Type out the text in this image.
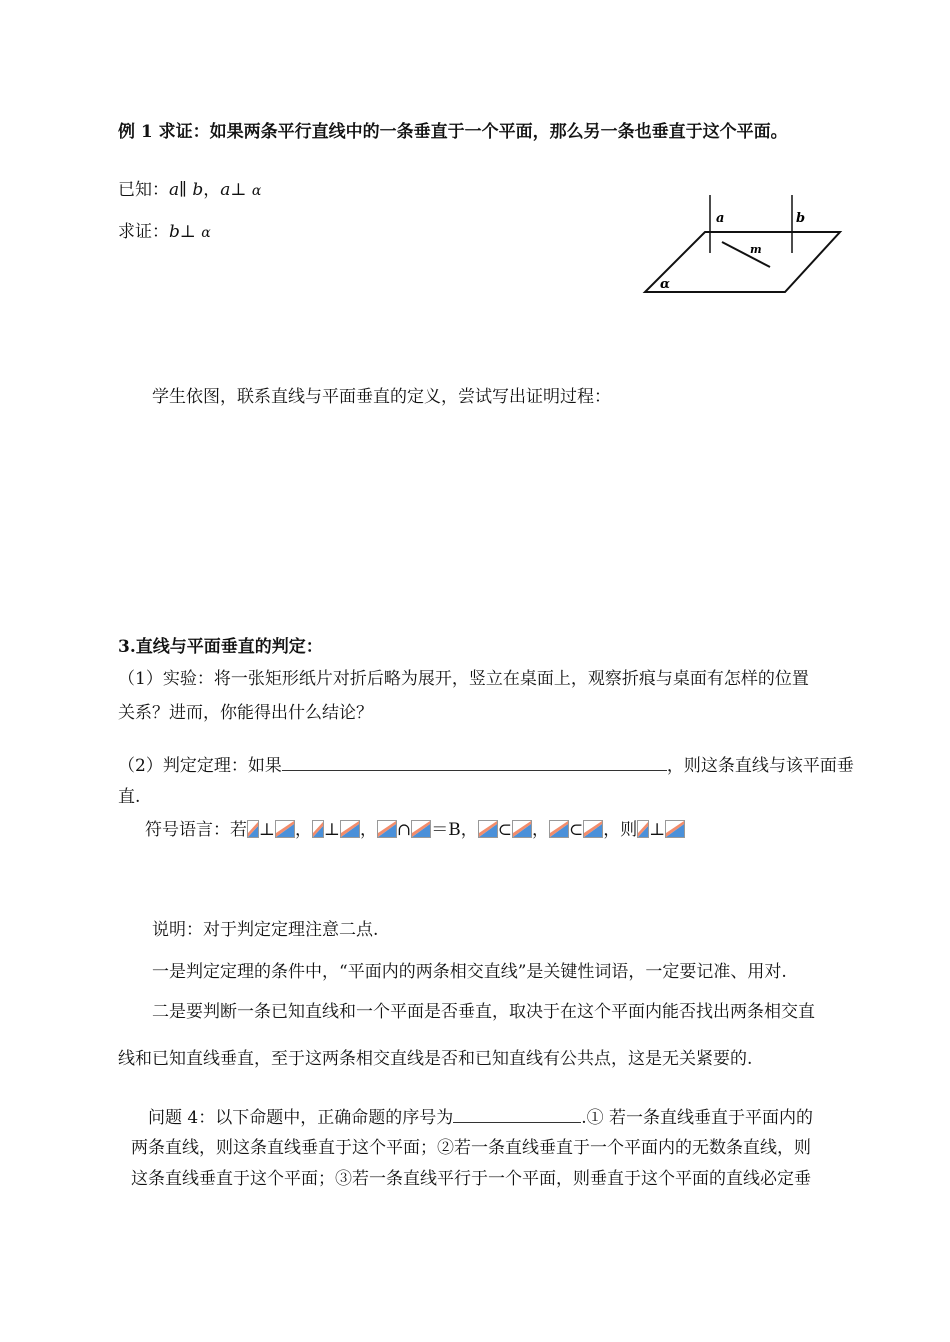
例 1 求证：如果两条平行直线中的一条垂直于一个平面，那么另一条也垂直于这个平面。
已知：a∥ b，a⊥ α
求证：b⊥ α
a	b
m
α
学生依图，联系直线与平面垂直的定义，尝试写出证明过程：
3.直线与平面垂直的判定：
（1）实验：将一张矩形纸片对折后略为展开，竖立在桌面上，观察折痕与桌面有怎样的位置
关系？进而，你能得出什么结论？
（2）判定定理：如果	，则这条直线与该平面垂
直.
符号语言：若 ⊥ ， ⊥ ， ∩ ＝B， ⊂ ， ⊂ ，则 ⊥
说明：对于判定定理注意二点.
一是判定定理的条件中，“平面内的两条相交直线”是关键性词语，一定要记准、用对.
二是要判断一条已知直线和一个平面是否垂直，取决于在这个平面内能否找出两条相交直
线和已知直线垂直，至于这两条相交直线是否和已知直线有公共点，这是无关紧要的.
问题 4：以下命题中，正确命题的序号为	.① 若一条直线垂直于平面内的
两条直线，则这条直线垂直于这个平面；②若一条直线垂直于一个平面内的无数条直线，则
这条直线垂直于这个平面；③若一条直线平行于一个平面，则垂直于这个平面的直线必定垂
